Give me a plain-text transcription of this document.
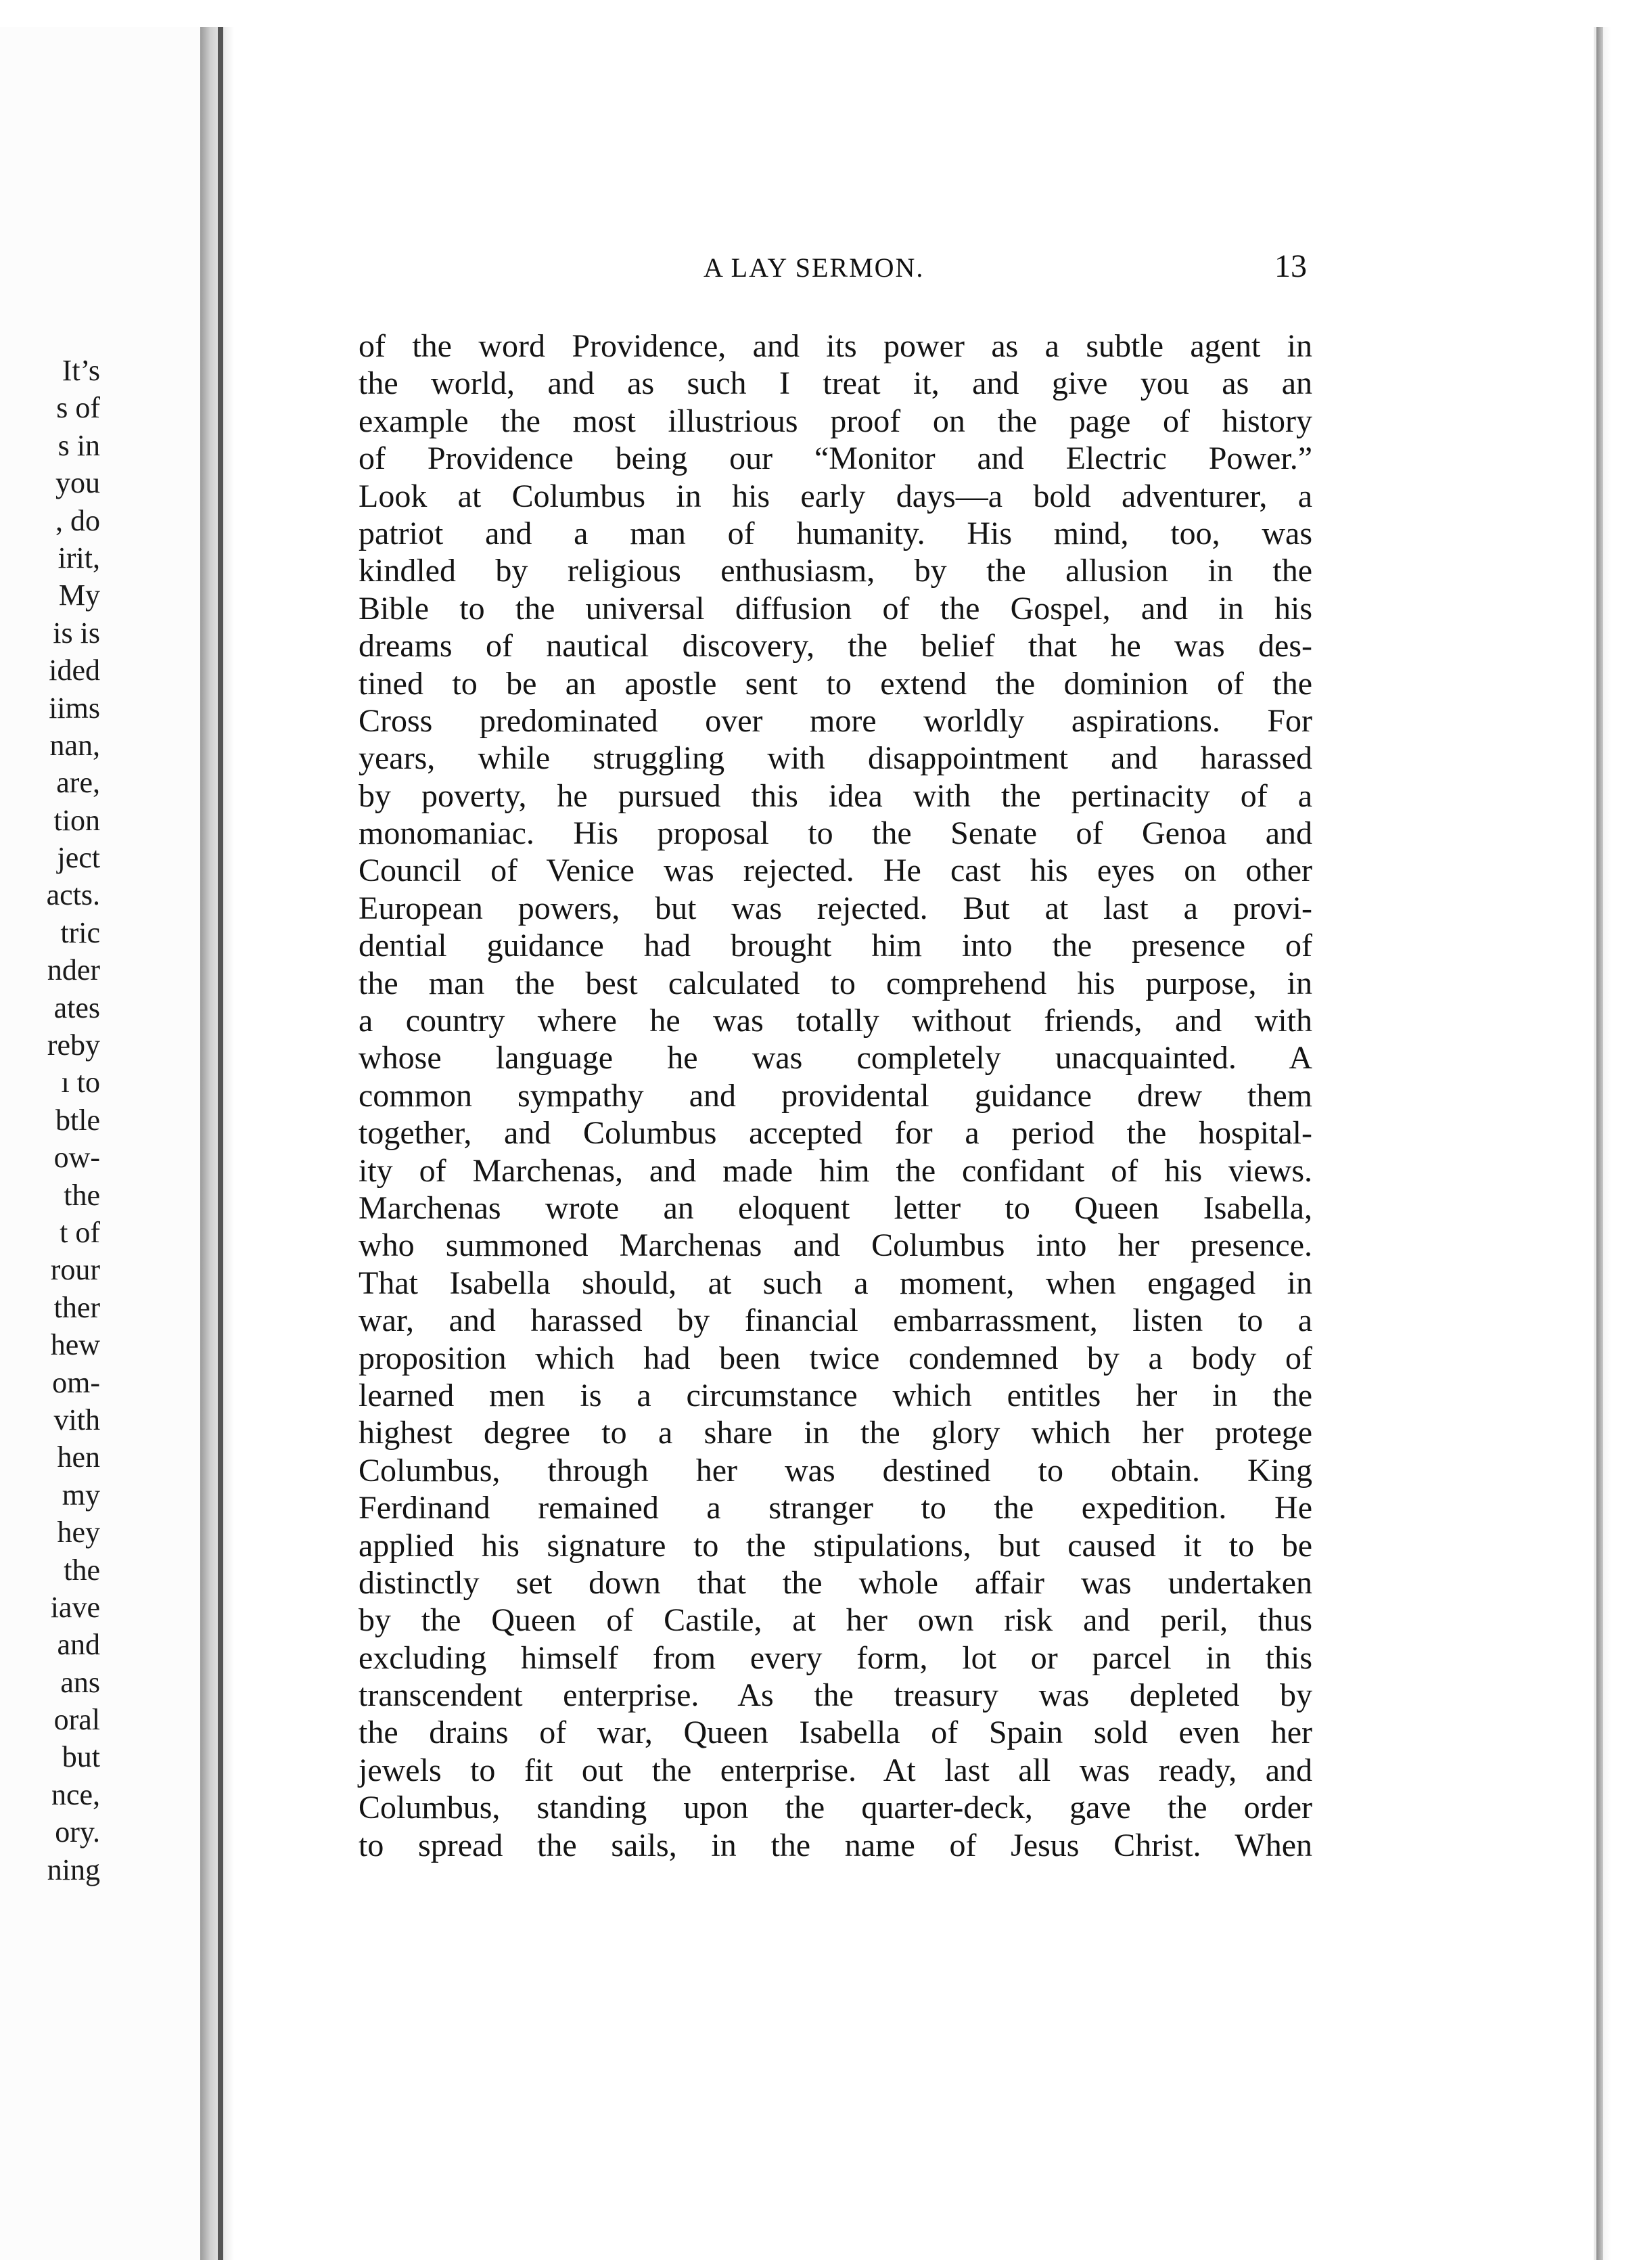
It’s
s of
s in
you
, do
irit,
My
is is
ided
iims
nan,
are,
tion
ject
acts.
tric
nder
ates
reby
ı to
btle
ow-
the
t of
rour
ther
hew
om-
vith
hen
my
hey
the
iave
and
ans
oral
but
nce,
ory.
ning
A LAY SERMON.	13
of the word Providence, and its power as a subtle agent in
the world, and as such I treat it, and give you as an
example the most illustrious proof on the page of history
of Providence being our “Monitor and Electric Power.”
Look at Columbus in his early days—a bold adventurer, a
patriot and a man of humanity. His mind, too, was
kindled by religious enthusiasm, by the allusion in the
Bible to the universal diffusion of the Gospel, and in his
dreams of nautical discovery, the belief that he was des-
tined to be an apostle sent to extend the dominion of the
Cross predominated over more worldly aspirations. For
years, while struggling with disappointment and harassed
by poverty, he pursued this idea with the pertinacity of a
monomaniac. His proposal to the Senate of Genoa and
Council of Venice was rejected. He cast his eyes on other
European powers, but was rejected. But at last a provi-
dential guidance had brought him into the presence of
the man the best calculated to comprehend his purpose, in
a country where he was totally without friends, and with
whose language he was completely unacquainted. A
common sympathy and providental guidance drew them
together, and Columbus accepted for a period the hospital-
ity of Marchenas, and made him the confidant of his views.
Marchenas wrote an eloquent letter to Queen Isabella,
who summoned Marchenas and Columbus into her presence.
That Isabella should, at such a moment, when engaged in
war, and harassed by financial embarrassment, listen to a
proposition which had been twice condemned by a body of
learned men is a circumstance which entitles her in the
highest degree to a share in the glory which her protege
Columbus, through her was destined to obtain. King
Ferdinand remained a stranger to the expedition. He
applied his signature to the stipulations, but caused it to be
distinctly set down that the whole affair was undertaken
by the Queen of Castile, at her own risk and peril, thus
excluding himself from every form, lot or parcel in this
transcendent enterprise. As the treasury was depleted by
the drains of war, Queen Isabella of Spain sold even her
jewels to fit out the enterprise. At last all was ready, and
Columbus, standing upon the quarter-deck, gave the order
to spread the sails, in the name of Jesus Christ. When
